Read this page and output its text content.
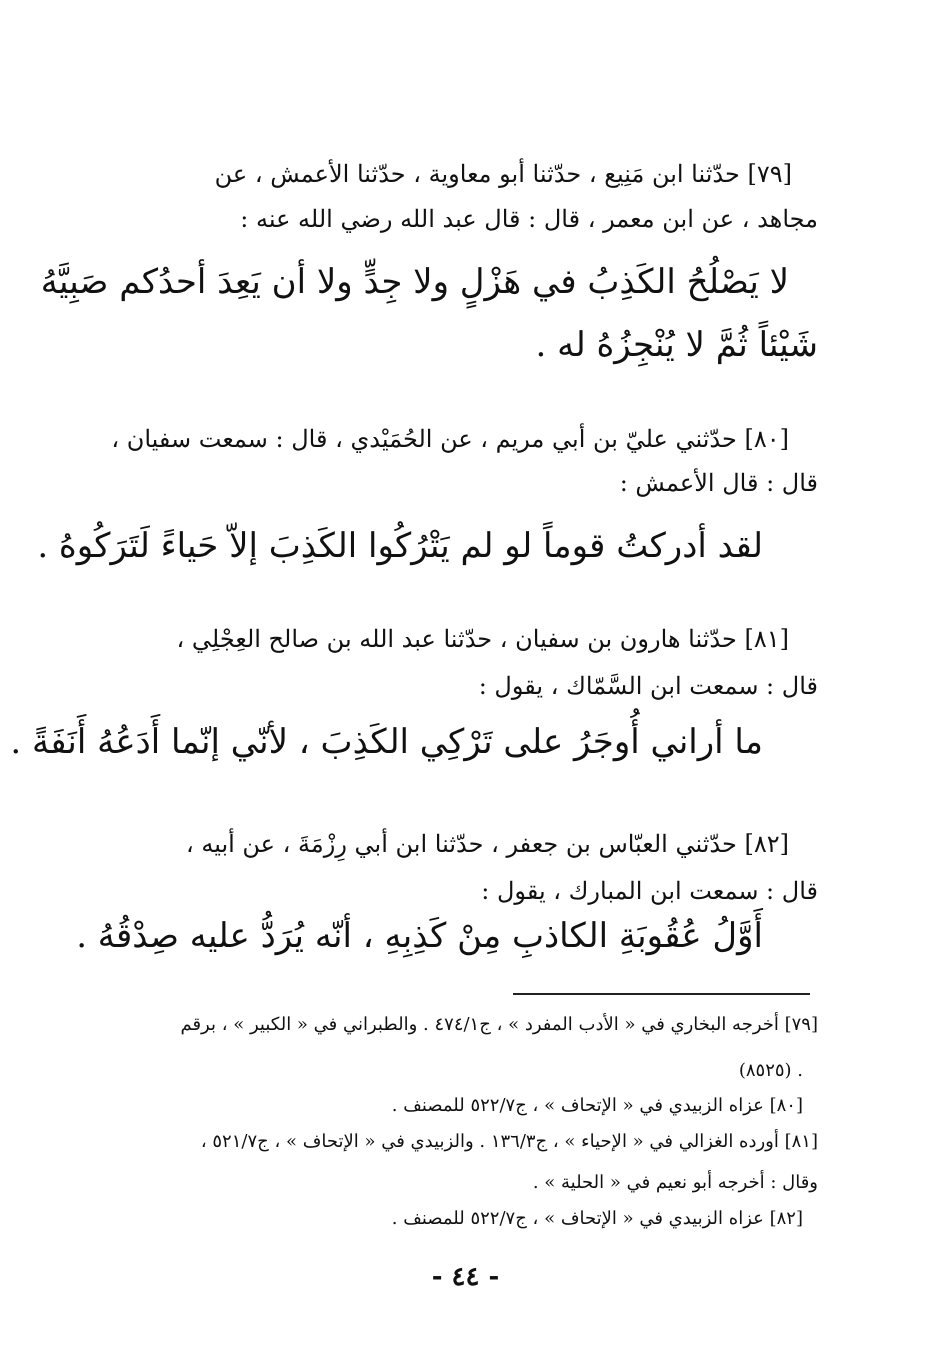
[٧٩] حدّثنا ابن مَنِيع ، حدّثنا أبو معاوية ، حدّثنا الأعمش ، عن

مجاهد ، عن ابن معمر ، قال : قال عبد الله رضي الله عنه :

لا يَصْلُحُ الكَذِبُ في هَزْلٍ ولا جِدٍّ ولا أن يَعِدَ أحدُكم صَبِيَّهُ

شَيْئاً ثُمَّ لا يُنْجِزُهُ له .

[٨٠] حدّثني عليّ بن أبي مريم ، عن الحُمَيْدي ، قال : سمعت سفيان ،

قال : قال الأعمش :

لقد أدركتُ قوماً لو لم يَتْرُكُوا الكَذِبَ إلاّ حَياءً لَتَرَكُوهُ .

[٨١] حدّثنا هارون بن سفيان ، حدّثنا عبد الله بن صالح العِجْلِي ،

قال : سمعت ابن السَّمّاك ، يقول :

ما أراني أُوجَرُ على تَرْكِي الكَذِبَ ، لأنّي إنّما أَدَعُهُ أَنَفَةً .

[٨٢] حدّثني العبّاس بن جعفر ، حدّثنا ابن أبي رِزْمَةَ ، عن أبيه ،

قال : سمعت ابن المبارك ، يقول :

أَوَّلُ عُقُوبَةِ الكاذبِ مِنْ كَذِبِهِ ، أنّه يُرَدُّ عليه صِدْقُهُ .

[٧٩] أخرجه البخاري في « الأدب المفرد » ، ج٤٧٤/١ . والطبراني في « الكبير » ، برقم

(٨٥٢٥) .

[٨٠] عزاه الزبيدي في « الإتحاف » ، ج٥٢٢/٧ للمصنف .

[٨١] أورده الغزالي في « الإحياء » ، ج١٣٦/٣ . والزبيدي في « الإتحاف » ، ج٥٢١/٧ ،

وقال : أخرجه أبو نعيم في « الحلية » .

[٨٢] عزاه الزبيدي في « الإتحاف » ، ج٥٢٢/٧ للمصنف .

- ٤٤ -
